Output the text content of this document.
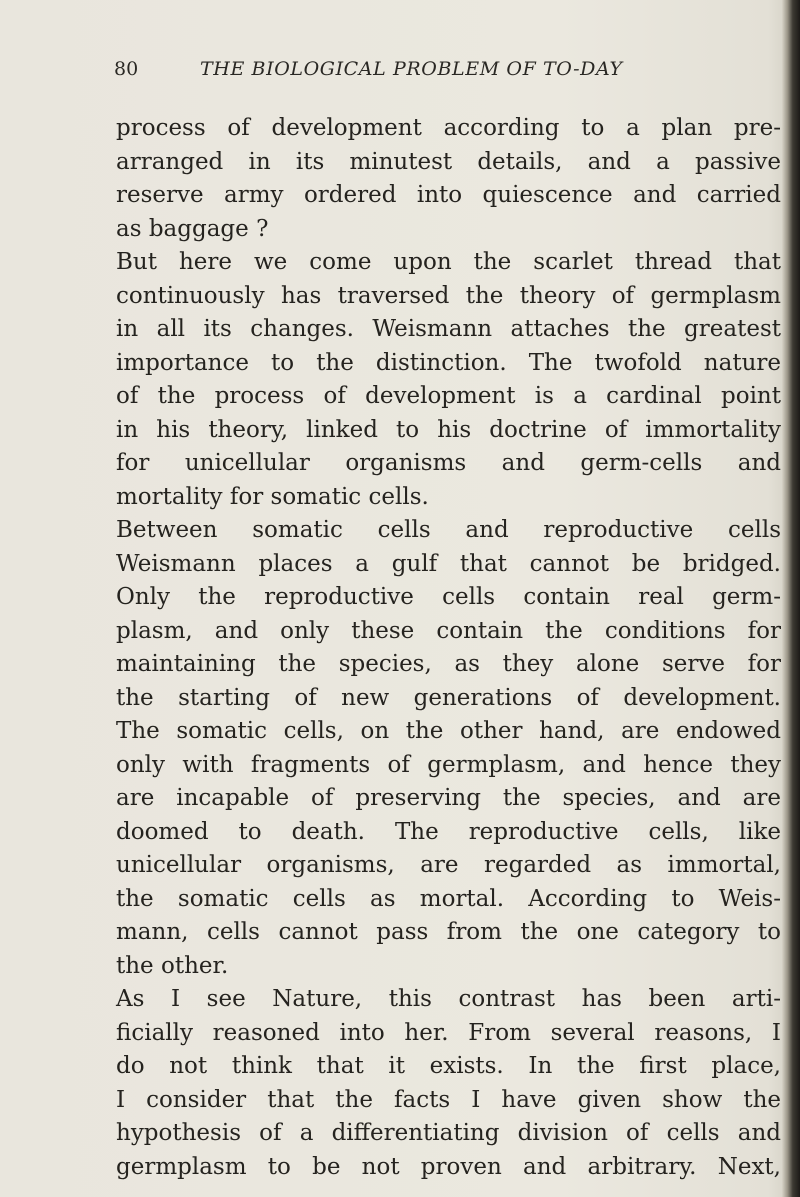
80	THE BIOLOGICAL PROBLEM OF TO-DAY
process of development according to a plan pre-
arranged in its minutest details, and a passive
reserve army ordered into quiescence and carried
as baggage ?
But here we come upon the scarlet thread that
continuously has traversed the theory of germplasm
in all its changes. Weismann attaches the greatest
importance to the distinction. The twofold nature
of the process of development is a cardinal point
in his theory, linked to his doctrine of immortality
for unicellular organisms and germ-cells and
mortality for somatic cells.
Between somatic cells and reproductive cells
Weismann places a gulf that cannot be bridged.
Only the reproductive cells contain real germ-
plasm, and only these contain the conditions for
maintaining the species, as they alone serve for
the starting of new generations of development.
The somatic cells, on the other hand, are endowed
only with fragments of germplasm, and hence they
are incapable of preserving the species, and are
doomed to death. The reproductive cells, like
unicellular organisms, are regarded as immortal,
the somatic cells as mortal. According to Weis-
mann, cells cannot pass from the one category to
the other.
As I see Nature, this contrast has been arti-
ficially reasoned into her. From several reasons, I
do not think that it exists. In the first place,
I consider that the facts I have given show the
hypothesis of a differentiating division of cells and
germplasm to be not proven and arbitrary. Next,
